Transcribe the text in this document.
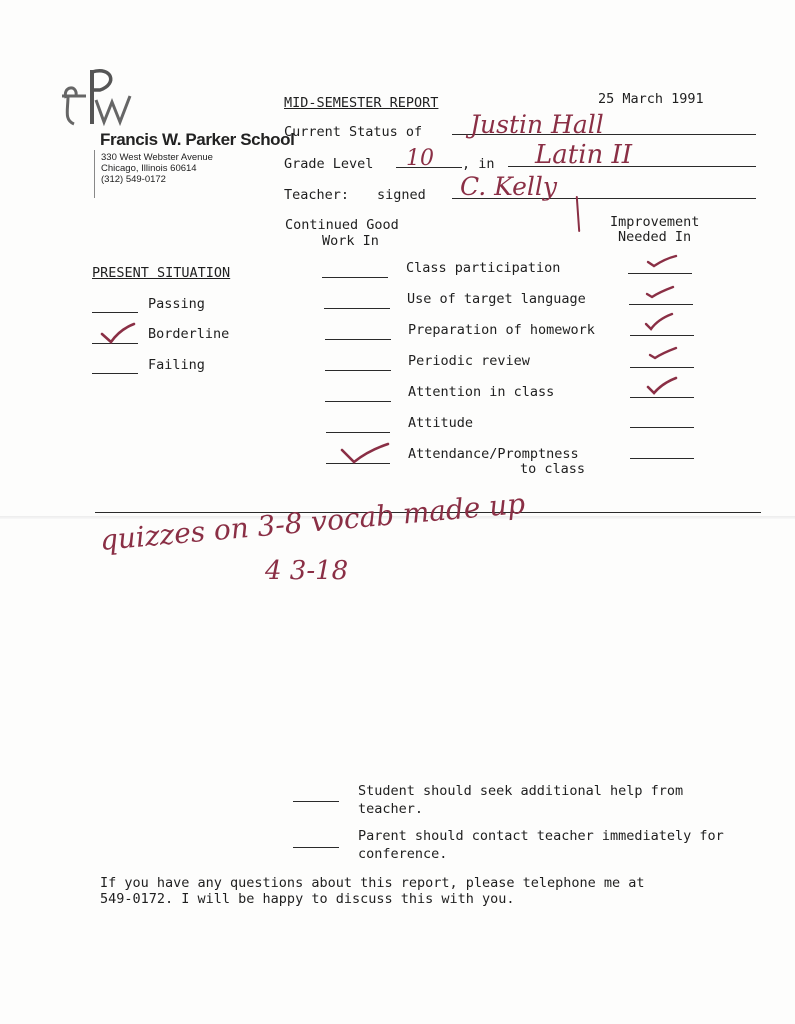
Francis W. Parker School
330 West Webster Avenue
Chicago, Illinois 60614
(312) 549-0172
MID-SEMESTER REPORT	25 March 1991
Current Status of Justin Hall
Grade Level 10 , in Latin II
Teacher: signed C. Kelly
Continued Good
Work In
Improvement
Needed In
PRESENT SITUATION
Passing
Borderline
Failing
Class participation
Use of target language
Preparation of homework
Periodic review
Attention in class
Attitude
Attendance/Promptness
to class
quizzes on 3-8 vocab made up
4 3-18
Student should seek additional help from
teacher.
Parent should contact teacher immediately for
conference.
If you have any questions about this report, please telephone me at
549-0172. I will be happy to discuss this with you.
